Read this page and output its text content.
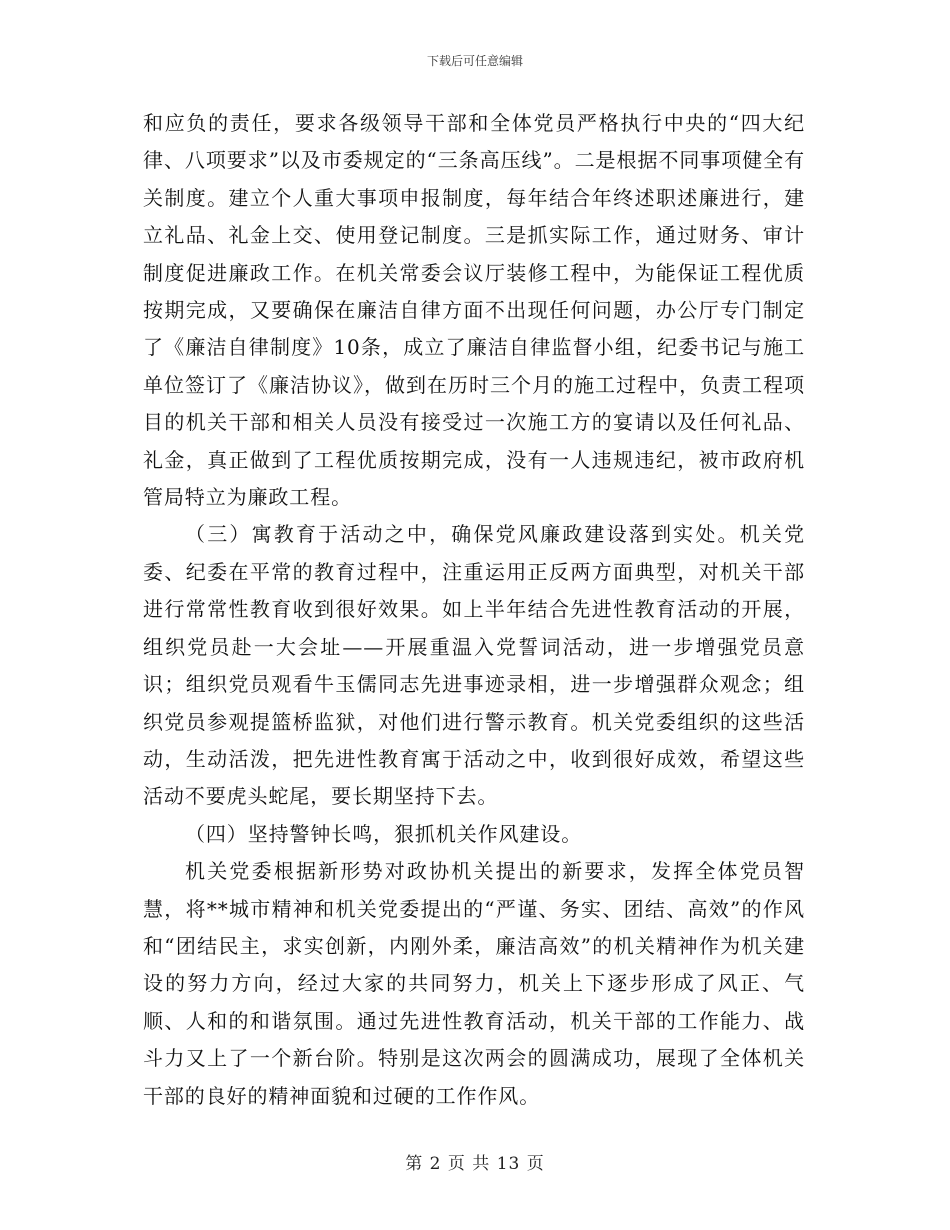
下载后可任意编辑

和应负的责任，要求各级领导干部和全体党员严格执行中央的“四大纪律、八项要求”以及市委规定的“三条高压线”。二是根据不同事项健全有关制度。建立个人重大事项申报制度，每年结合年终述职述廉进行，建立礼品、礼金上交、使用登记制度。三是抓实际工作，通过财务、审计制度促进廉政工作。在机关常委会议厅装修工程中，为能保证工程优质按期完成，又要确保在廉洁自律方面不出现任何问题，办公厅专门制定了《廉洁自律制度》10条，成立了廉洁自律监督小组，纪委书记与施工单位签订了《廉洁协议》，做到在历时三个月的施工过程中，负责工程项目的机关干部和相关人员没有接受过一次施工方的宴请以及任何礼品、礼金，真正做到了工程优质按期完成，没有一人违规违纪，被市政府机管局特立为廉政工程。

（三）寓教育于活动之中，确保党风廉政建设落到实处。机关党委、纪委在平常的教育过程中，注重运用正反两方面典型，对机关干部进行常常性教育收到很好效果。如上半年结合先进性教育活动的开展，组织党员赴一大会址——开展重温入党誓词活动，进一步增强党员意识；组织党员观看牛玉儒同志先进事迹录相，进一步增强群众观念；组织党员参观提篮桥监狱，对他们进行警示教育。机关党委组织的这些活动，生动活泼，把先进性教育寓于活动之中，收到很好成效，希望这些活动不要虎头蛇尾，要长期坚持下去。

（四）坚持警钟长鸣，狠抓机关作风建设。

机关党委根据新形势对政协机关提出的新要求，发挥全体党员智慧，将**城市精神和机关党委提出的“严谨、务实、团结、高效”的作风和“团结民主，求实创新，内刚外柔，廉洁高效”的机关精神作为机关建设的努力方向，经过大家的共同努力，机关上下逐步形成了风正、气顺、人和的和谐氛围。通过先进性教育活动，机关干部的工作能力、战斗力又上了一个新台阶。特别是这次两会的圆满成功，展现了全体机关干部的良好的精神面貌和过硬的工作作风。

第 2 页 共 13 页
